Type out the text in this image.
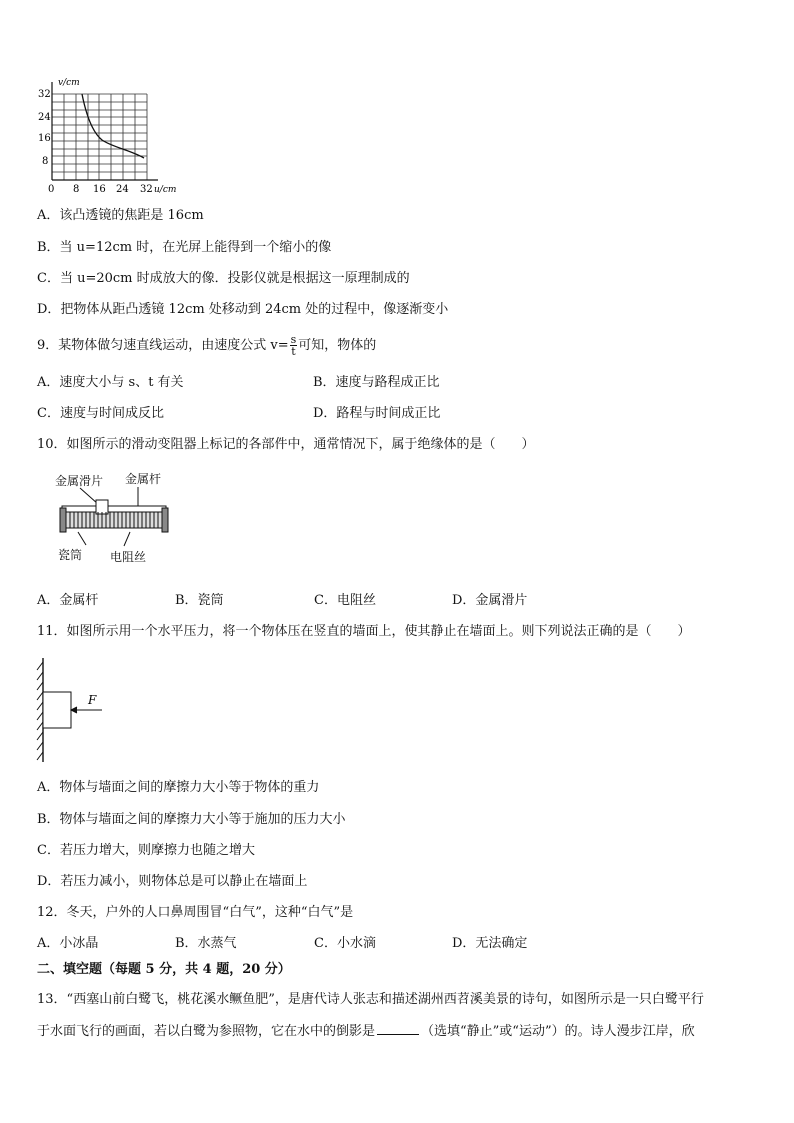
v/cm
u/cm
32
24
16
8
0 8 16 24 32
A．该凸透镜的焦距是 16cm
B．当 u=12cm 时，在光屏上能得到一个缩小的像
C．当 u=20cm 时成放大的像．投影仪就是根据这一原理制成的
D．把物体从距凸透镜 12cm 处移动到 24cm 处的过程中，像逐渐变小
9．某物体做匀速直线运动，由速度公式 $v= \frac{s}{t}$ 可知，物体的
A．速度大小与 s、t 有关	B．速度与路程成正比
C．速度与时间成反比	D．路程与时间成正比
10．如图所示的滑动变阻器上标记的各部件中，通常情况下，属于绝缘体的是（　　）
金属滑片 金属杆
瓷筒 电阻丝
A．金属杆	B．瓷筒	C．电阻丝	D．金属滑片
11．如图所示用一个水平压力，将一个物体压在竖直的墙面上，使其静止在墙面上。则下列说法正确的是（　　）
F
A．物体与墙面之间的摩擦力大小等于物体的重力
B．物体与墙面之间的摩擦力大小等于施加的压力大小
C．若压力增大，则摩擦力也随之增大
D．若压力减小，则物体总是可以静止在墙面上
12．冬天，户外的人口鼻周围冒“白气”，这种“白气”是
A．小冰晶	B．水蒸气	C．小水滴	D．无法确定
二、填空题（每题 5 分，共 4 题，20 分）
13．“西塞山前白鹭飞，桃花溪水鳜鱼肥”，是唐代诗人张志和描述湖州西苕溪美景的诗句，如图所示是一只白鹭平行
于水面飞行的画面，若以白鹭为参照物，它在水中的倒影是	（选填“静止”或“运动”）的。诗人漫步江岸，欣
